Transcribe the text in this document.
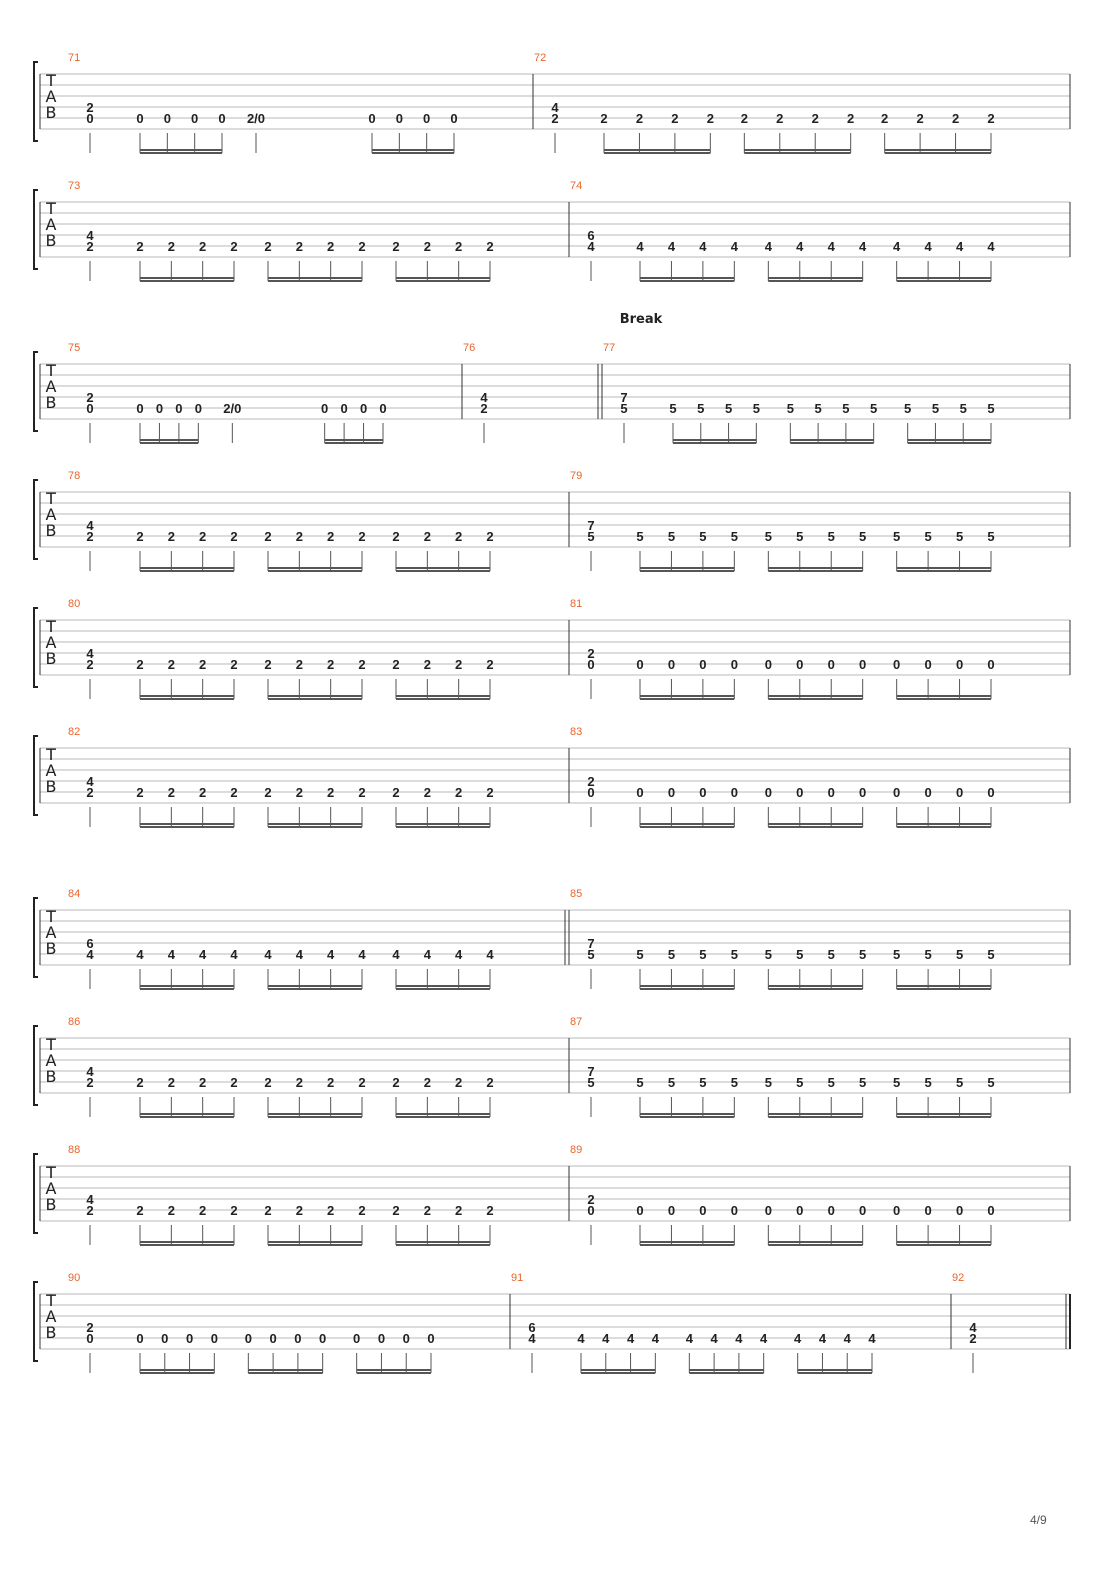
T
A
B
71
2
0	0 0 0 0 2/0	0 0 0 0
72
4
2	2 2 2 2 2 2 2 2 2 2 2 2
T
A
B
73
4
2	2 2 2 2 2 2 2 2 2 2 2 2
74
6
4	4 4 4 4 4 4 4 4 4 4 4 4
T
A
B
Break
75
2
0	0 0 0 0 2/0	0 0 0 0
76
4
2
77
7
5	5 5 5 5 5 5 5 5 5 5 5 5
T
A
B
78
4
2	2 2 2 2 2 2 2 2 2 2 2 2
79
7
5	5 5 5 5 5 5 5 5 5 5 5 5
T
A
B
80
4
2	2 2 2 2 2 2 2 2 2 2 2 2
81
2
0	0 0 0 0 0 0 0 0 0 0 0 0
T
A
B
82
4
2	2 2 2 2 2 2 2 2 2 2 2 2
83
2
0	0 0 0 0 0 0 0 0 0 0 0 0
T
A
B
84
6
4	4 4 4 4 4 4 4 4 4 4 4 4
85
7
5	5 5 5 5 5 5 5 5 5 5 5 5
T
A
B
86
4
2	2 2 2 2 2 2 2 2 2 2 2 2
87
7
5	5 5 5 5 5 5 5 5 5 5 5 5
T
A
B
88
4
2	2 2 2 2 2 2 2 2 2 2 2 2
89
2
0	0 0 0 0 0 0 0 0 0 0 0 0
T
A
B
90
2
0	0 0 0 0 0 0 0 0 0 0 0 0
91
6
4	4 4 4 4 4 4 4 4 4 4 4 4
92
4
2
4/9
